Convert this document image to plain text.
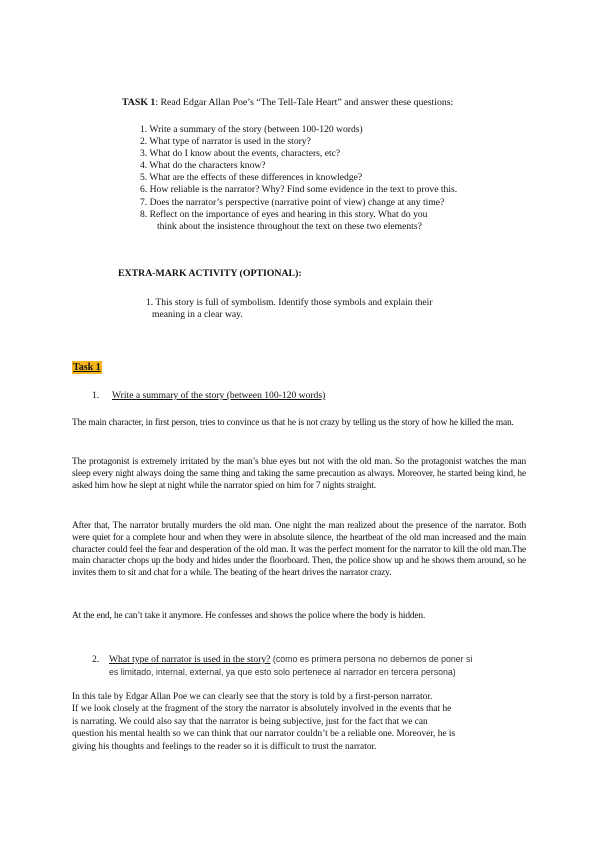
TASK 1: Read Edgar Allan Poe’s “The Tell-Tale Heart” and answer these questions:
1. Write a summary of the story (between 100-120 words)
2. What type of narrator is used in the story?
3. What do I know about the events, characters, etc?
4. What do the characters know?
5. What are the effects of these differences in knowledge?
6. How reliable is the narrator? Why? Find some evidence in the text to prove this.
7. Does the narrator’s perspective (narrative point of view) change at any time?
8. Reflect on the importance of eyes and hearing in this story. What do you
think about the insistence throughout the text on these two elements?
EXTRA-MARK ACTIVITY (OPTIONAL):
1. This story is full of symbolism. Identify those symbols and explain their
meaning in a clear way.
Task 1
1. Write a summary of the story (between 100-120 words)
The main character, in first person, tries to convince us that he is not crazy by telling us the story of how he killed the man.
The protagonist is extremely irritated by the man’s blue eyes but not with the old man. So the protagonist watches the man sleep every night always doing the same thing and taking the same precaution as always. Moreover, he started being kind, he asked him how he slept at night while the narrator spied on him for 7 nights straight.
After that, The narrator brutally murders the old man. One night the man realized about the presence of the narrator. Both were quiet for a complete hour and when they were in absolute silence, the heartbeat of the old man increased and the main character could feel the fear and desperation of the old man. It was the perfect moment for the narrator to kill the old man.The main character chops up the body and hides under the floorboard. Then, the police show up and he shows them around, so he invites them to sit and chat for a while. The beating of the heart drives the narrator crazy.
At the end, he can’t take it anymore. He confesses and shows the police where the body is hidden.
2. What type of narrator is used in the story? (como es primera persona no debemos de poner si
es limitado, internal, external, ya que esto solo pertenece al narrador en tercera persona)
In this tale by Edgar Allan Poe we can clearly see that the story is told by a first-person narrator.
If we look closely at the fragment of the story the narrator is absolutely involved in the events that he
is narrating. We could also say that the narrator is being subjective, just for the fact that we can
question his mental health so we can think that our narrator couldn’t be a reliable one. Moreover, he is
giving his thoughts and feelings to the reader so it is difficult to trust the narrator.
